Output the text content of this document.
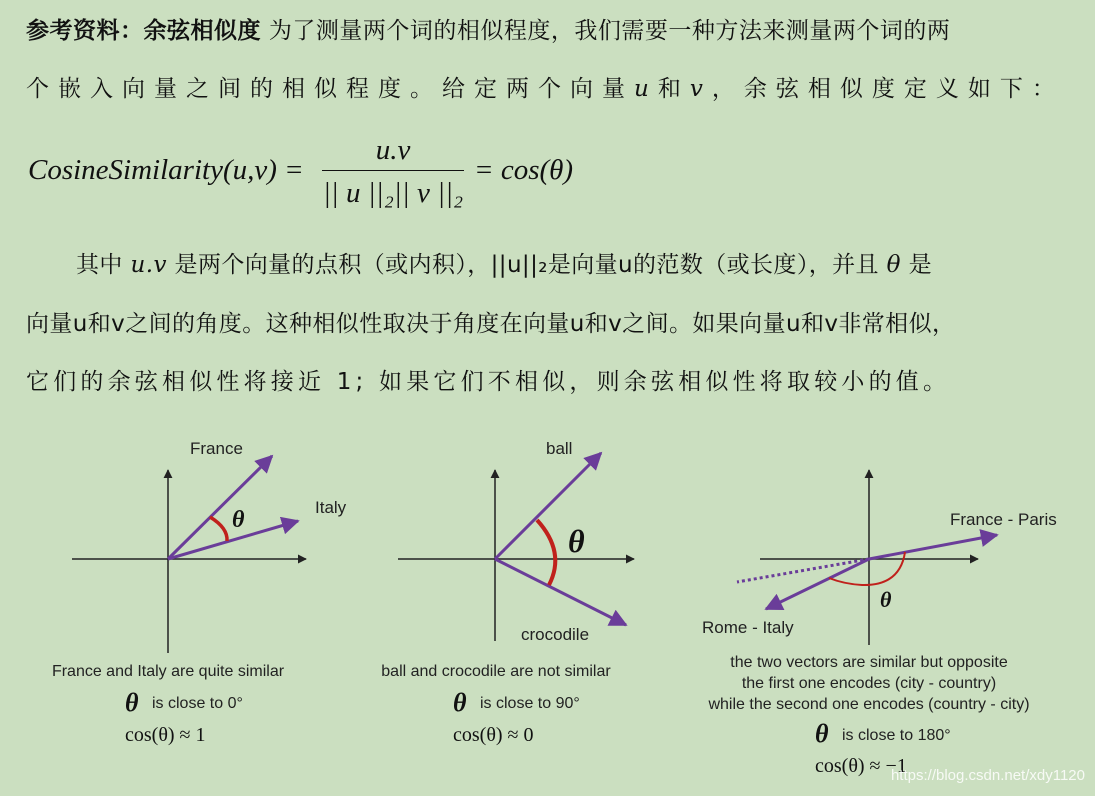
参考资料：余弦相似度 为了测量两个词的相似程度，我们需要一种方法来测量两个词的两
个嵌入向量之间的相似程度。给定两个向量u和v，余弦相似度定义如下：
CosineSimilarity(u,v) =
u.v
|| u ||₂|| v ||₂
= cos(θ)
其中 u.v 是两个向量的点积（或内积），||u||₂是向量u的范数（或长度），并且 θ 是
向量u和v之间的角度。这种相似性取决于角度在向量u和v之间。如果向量u和v非常相似，
它们的余弦相似性将接近 1; 如果它们不相似，则余弦相似性将取较小的值。
France
Italy
θ
France and Italy are quite similar
θ is close to 0°
cos(θ) ≈ 1
ball
crocodile
θ
ball and crocodile are not similar
θ is close to 90°
cos(θ) ≈ 0
France - Paris
Rome - Italy
θ
the two vectors are similar but opposite
the first one encodes (city - country)
while the second one encodes (country - city)
θ is close to 180°
cos(θ) ≈ −1
https://blog.csdn.net/xdy1120
